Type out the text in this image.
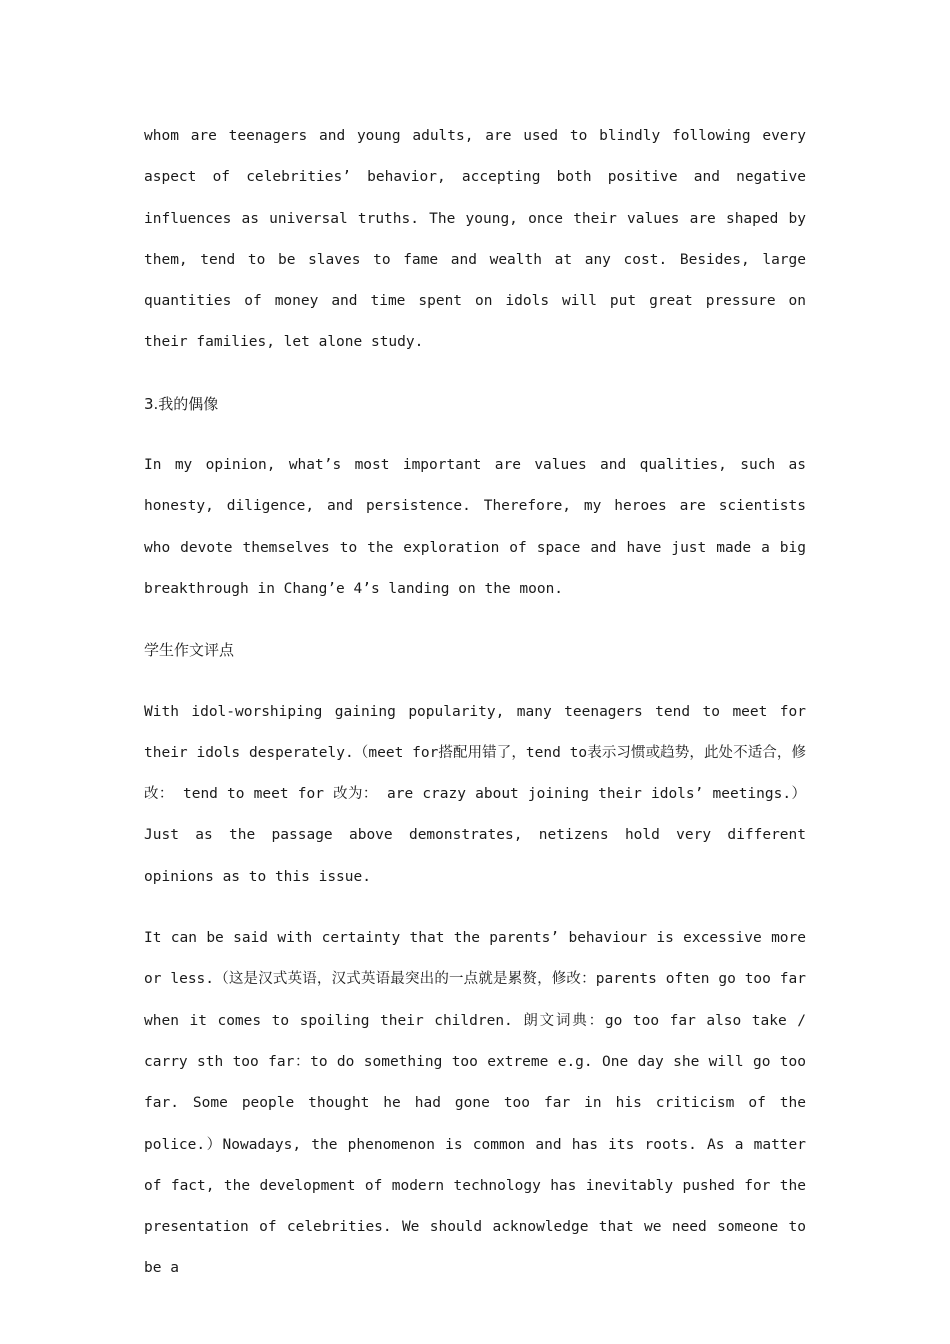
whom are teenagers and young adults, are used to blindly following every aspect of celebrities’ behavior, accepting both positive and negative influences as universal truths. The young, once their values are shaped by them, tend to be slaves to fame and wealth at any cost. Besides, large quantities of money and time spent on idols will put great pressure on their families, let alone study.

3.我的偶像

In my opinion, what’s most important are values and qualities, such as honesty, diligence, and persistence. Therefore, my heroes are scientists who devote themselves to the exploration of space and have just made a big breakthrough in Chang’e 4’s landing on the moon.

学生作文评点

With idol-worshiping gaining popularity, many teenagers tend to meet for their idols desperately.（meet for搭配用错了，tend to表示习惯或趋势，此处不适合，修改： tend to meet for 改为： are crazy about joining their idols’ meetings.）Just as the passage above demonstrates, netizens hold very different opinions as to this issue.

It can be said with certainty that the parents’ behaviour is excessive more or less.（这是汉式英语，汉式英语最突出的一点就是累赘，修改：parents often go too far when it comes to spoiling their children. 朗文词典：go too far also take / carry sth too far：to do something too extreme e.g. One day she will go too far. Some people thought he had gone too far in his criticism of the police.）Nowadays, the phenomenon is common and has its roots. As a matter of fact, the development of modern technology has inevitably pushed for the presentation of celebrities. We should acknowledge that we need someone to be a
